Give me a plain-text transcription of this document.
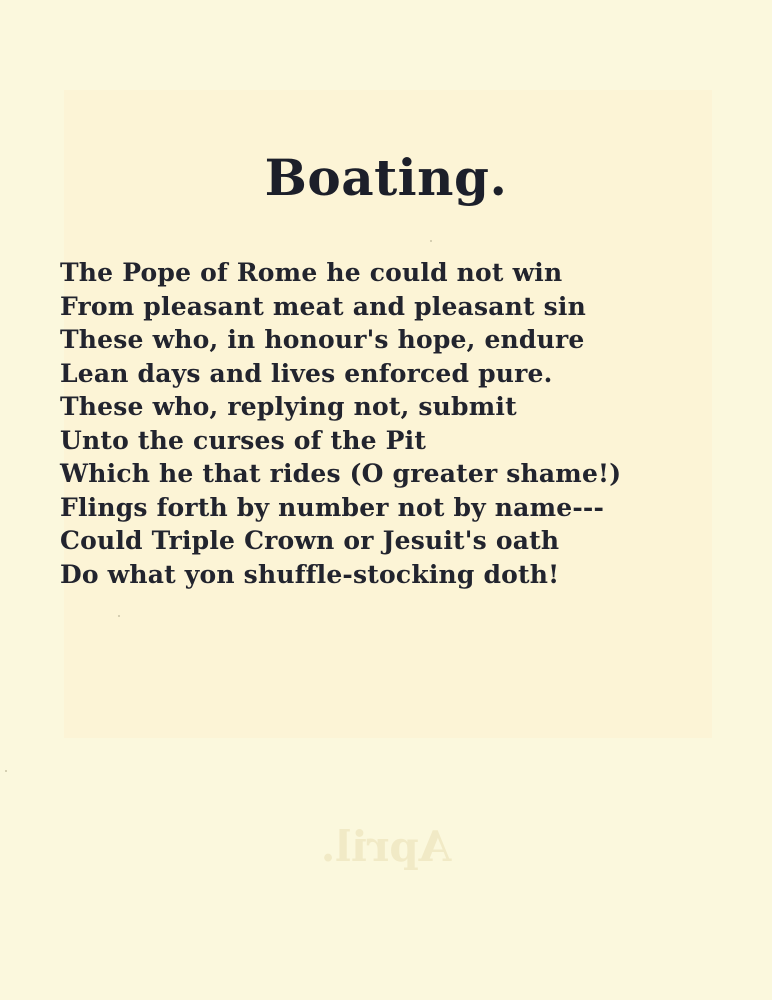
Boating.
The Pope of Rome he could not win
From pleasant meat and pleasant sin
These who, in honour's hope, endure
Lean days and lives enforced pure.
These who, replying not, submit
Unto the curses of the Pit
Which he that rides (O greater shame!)
Flings forth by number not by name---
Could Triple Crown or Jesuit's oath
Do what yon shuffle-stocking doth!

April.
